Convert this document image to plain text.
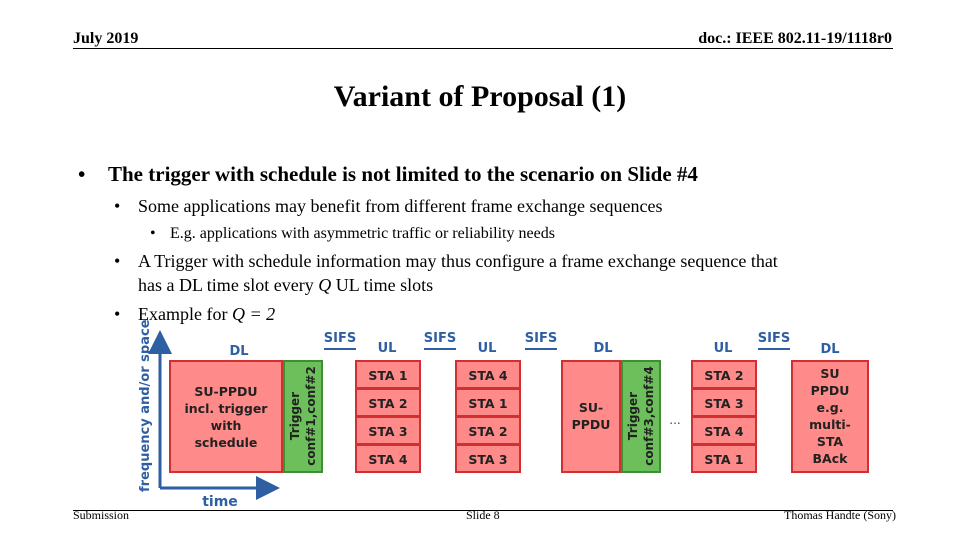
July 2019	doc.: IEEE 802.11-19/1118r0
Variant of Proposal (1)
• The trigger with schedule is not limited to the scenario on Slide #4
• Some applications may benefit from different frame exchange sequences
• E.g. applications with asymmetric traffic or reliability needs
• A Trigger with schedule information may thus configure a frame exchange sequence that
has a DL time slot every Q UL time slots
• Example for Q = 2
frequency and/or space
time
DL
SIFS
UL
SIFS
UL
SIFS
DL	UL
SIFS
DL
SU-PPDU
incl. trigger
with
schedule
Trigger conf#1,conf#2	STA 1
STA 2
STA 3
STA 4
STA 4
STA 1
STA 2
STA 3
SU-
PPDU Trigger conf#3,conf#4 ...
STA 2
STA 3
STA 4
STA 1
SU
PPDU
e.g.
multi-
STA
BAck
Submission	Slide 8	Thomas Handte (Sony)
